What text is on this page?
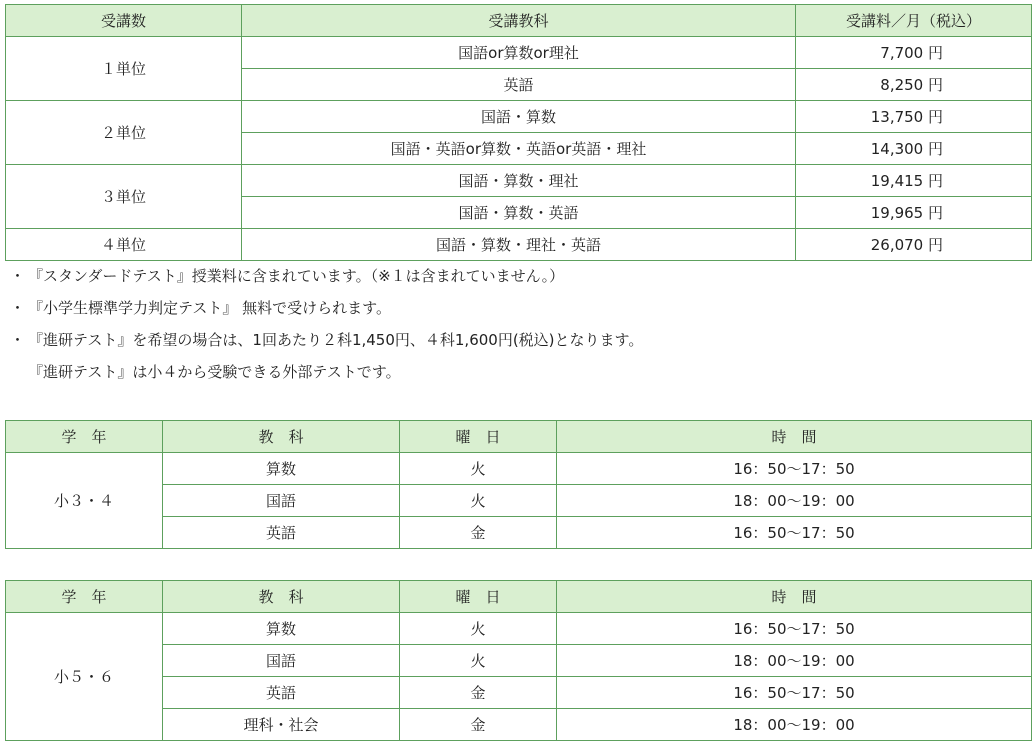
受講数	受講教科	受講料／月（税込）
１単位	国語or算数or理社	7,700 円
	英語	8,250 円
２単位	国語・算数	13,750 円
	国語・英語or算数・英語or英語・理社	14,300 円
３単位	国語・算数・理社	19,415 円
	国語・算数・英語	19,965 円
４単位	国語・算数・理社・英語	26,070 円
・ 『スタンダードテスト』授業料に含まれています。（※１は含まれていません。）
・ 『小学生標準学力判定テスト』 無料で受けられます。
・ 『進研テスト』を希望の場合は、1回あたり２科1,450円、４科1,600円(税込)となります。
『進研テスト』は小４から受験できる外部テストです。
学　年	教　科	曜　日	時　間
小３・４	算数	火	16：50〜17：50
	国語	火	18：00〜19：00
	英語	金	16：50〜17：50
学　年	教　科	曜　日	時　間
小５・６	算数	火	16：50〜17：50
	国語	火	18：00〜19：00
	英語	金	16：50〜17：50
	理科・社会	金	18：00〜19：00
